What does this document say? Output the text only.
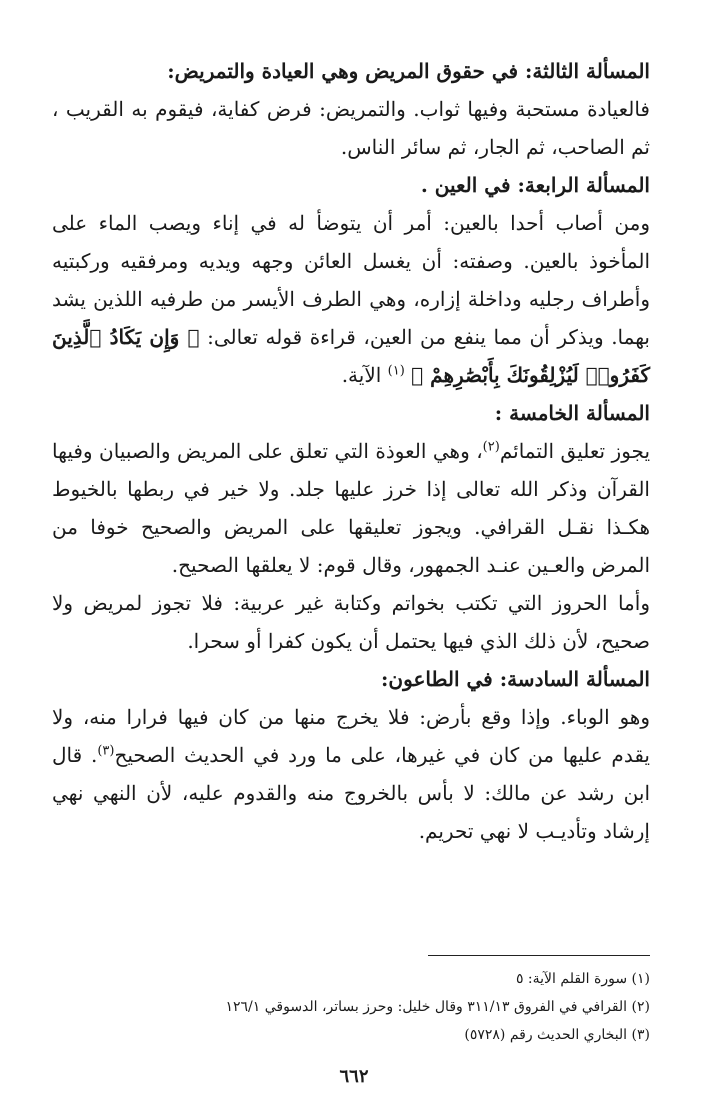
المسألة الثالثة: في حقوق المريض وهي العيادة والتمريض:

فالعيادة مستحبة وفيها ثواب. والتمريض: فرض كفاية، فيقوم به القريب ، ثم الصاحب، ثم الجار، ثم سائر الناس.

المسألة الرابعة: في العين .

ومن أصاب أحدا بالعين: أمر أن يتوضأ له في إناء ويصب الماء على المأخوذ بالعين. وصفته: أن يغسل العائن وجهه ويديه ومرفقيه وركبتيه وأطراف رجليه وداخلة إزاره، وهي الطرف الأيسر من طرفيه اللذين يشد بهما. ويذكر أن مما ينفع من العين، قراءة قوله تعالى: ﴿ وَإِن يَكَادُ ٱلَّذِينَ كَفَرُوا۟ لَيُزْلِقُونَكَ بِأَبْصَٰرِهِمْ ﴾ $^{(١)}$ الآية.

المسألة الخامسة :

يجوز تعليق التمائم$^{(٢)}$، وهي العوذة التي تعلق على المريض والصبيان وفيها القرآن وذكر الله تعالى إذا خرز عليها جلد. ولا خير في ربطها بالخيوط هكـذا نقـل القرافي. ويجوز تعليقها على المريض والصحيح خوفا من المرض والعـين عنـد الجمهور، وقال قوم: لا يعلقها الصحيح.

وأما الحروز التي تكتب بخواتم وكتابة غير عربية: فلا تجوز لمريض ولا صحيح، لأن ذلك الذي فيها يحتمل أن يكون كفرا أو سحرا.

المسألة السادسة: في الطاعون:

وهو الوباء. وإذا وقع بأرض: فلا يخرج منها من كان فيها فرارا منه، ولا يقدم عليها من كان في غيرها، على ما ورد في الحديث الصحيح$^{(٣)}$. قال ابن رشد عن مالك: لا بأس بالخروج منه والقدوم عليه، لأن النهي نهي إرشاد وتأديـب لا نهي تحريم.

(١) سورة القلم الآية: ٥

(٢) القرافي في الفروق ٣١١/١٣ وقال خليل: وحرز بساتر، الدسوقي ١٢٦/١

(٣) البخاري الحديث رقم (٥٧٢٨)

٦٦٢
